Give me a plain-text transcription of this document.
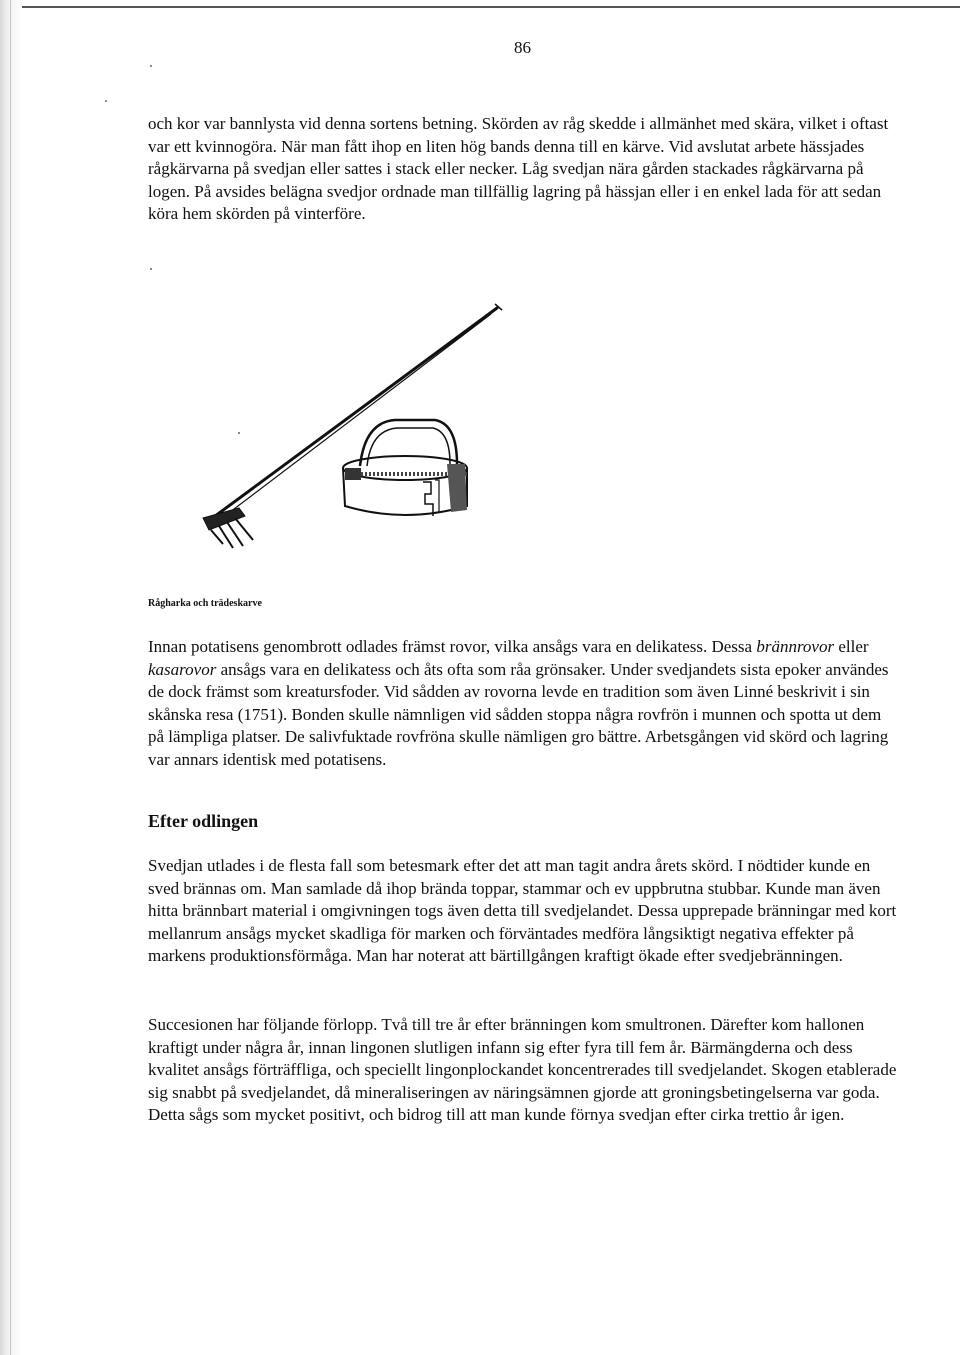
86

och kor var bannlysta vid denna sortens betning. Skörden av råg skedde i allmänhet med skära, vilket i oftast var ett kvinnogöra. När man fått ihop en liten hög bands denna till en kärve. Vid avslutat arbete hässjades rågkärvarna på svedjan eller sattes i stack eller necker. Låg svedjan nära gården stackades rågkärvarna på logen. På avsides belägna svedjor ordnade man tillfällig lagring på hässjan eller i en enkel lada för att sedan köra hem skörden på vinterföre.

Rågharka och trädeskarve
Innan potatisens genombrott odlades främst rovor, vilka ansågs vara en delikatess. Dessa brännrovor eller kasarovor ansågs vara en delikatess och åts ofta som råa grönsaker. Under svedjandets sista epoker användes de dock främst som kreatursfoder. Vid sådden av rovorna levde en tradition som även Linné beskrivit i sin skånska resa (1751). Bonden skulle nämnligen vid sådden stoppa några rovfrön i munnen och spotta ut dem på lämpliga platser. De salivfuktade rovfröna skulle nämligen gro bättre. Arbetsgången vid skörd och lagring var annars identisk med potatisens.
Efter odlingen
Svedjan utlades i de flesta fall som betesmark efter det att man tagit andra årets skörd. I nödtider kunde en sved brännas om. Man samlade då ihop brända toppar, stammar och ev uppbrutna stubbar. Kunde man även hitta brännbart material i omgivningen togs även detta till svedjelandet. Dessa upprepade bränningar med kort mellanrum ansågs mycket skadliga för marken och förväntades medföra långsiktigt negativa effekter på markens produktionsförmåga. Man har noterat att bärtillgången kraftigt ökade efter svedjebränningen.
Succesionen har följande förlopp. Två till tre år efter bränningen kom smultronen. Därefter kom hallonen kraftigt under några år, innan lingonen slutligen infann sig efter fyra till fem år. Bärmängderna och dess kvalitet ansågs förträffliga, och speciellt lingonplockandet koncentrerades till svedjelandet. Skogen etablerade sig snabbt på svedjelandet, då mineraliseringen av näringsämnen gjorde att groningsbetingelserna var goda. Detta sågs som mycket positivt, och bidrog till att man kunde förnya svedjan efter cirka trettio år igen.
